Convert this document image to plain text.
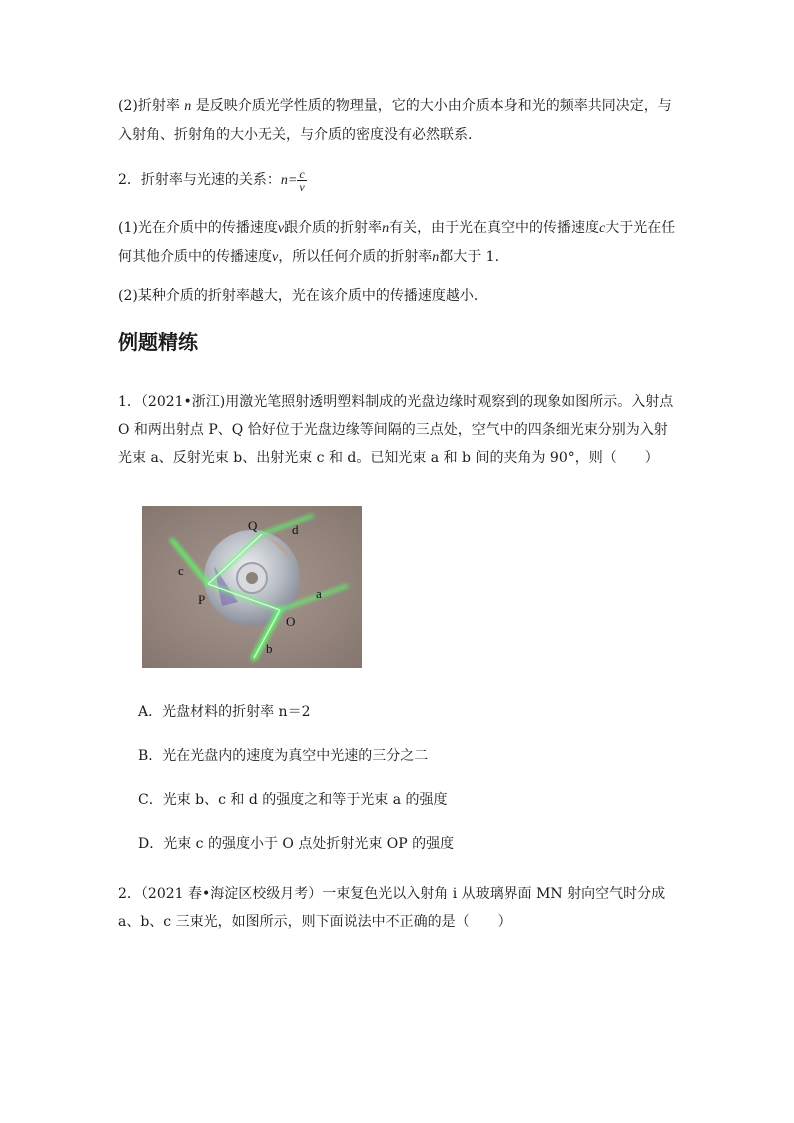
(2)折射率 n 是反映介质光学性质的物理量，它的大小由介质本身和光的频率共同决定，与入射角、折射角的大小无关，与介质的密度没有必然联系．

2．折射率与光速的关系：$n= \frac{c}{v}$

(1)光在介质中的传播速度v跟介质的折射率n有关，由于光在真空中的传播速度c大于光在任何其他介质中的传播速度v，所以任何介质的折射率n都大于 1.

(2)某种介质的折射率越大，光在该介质中的传播速度越小．

例题精练

1．（2021•浙江)用激光笔照射透明塑料制成的光盘边缘时观察到的现象如图所示。入射点 O 和两出射点 P、Q 恰好位于光盘边缘等间隔的三点处，空气中的四条细光束分别为入射光束 a、反射光束 b、出射光束 c 和 d。已知光束 a 和 b 间的夹角为 90°，则（　　）

Q	d
c
P	a
O
b

A．光盘材料的折射率 n＝2

B．光在光盘内的速度为真空中光速的三分之二

C．光束 b、c 和 d 的强度之和等于光束 a 的强度

D．光束 c 的强度小于 O 点处折射光束 OP 的强度

2．（2021 春•海淀区校级月考）一束复色光以入射角 i 从玻璃界面 MN 射向空气时分成 a、b、c 三束光，如图所示，则下面说法中不正确的是（　　）
